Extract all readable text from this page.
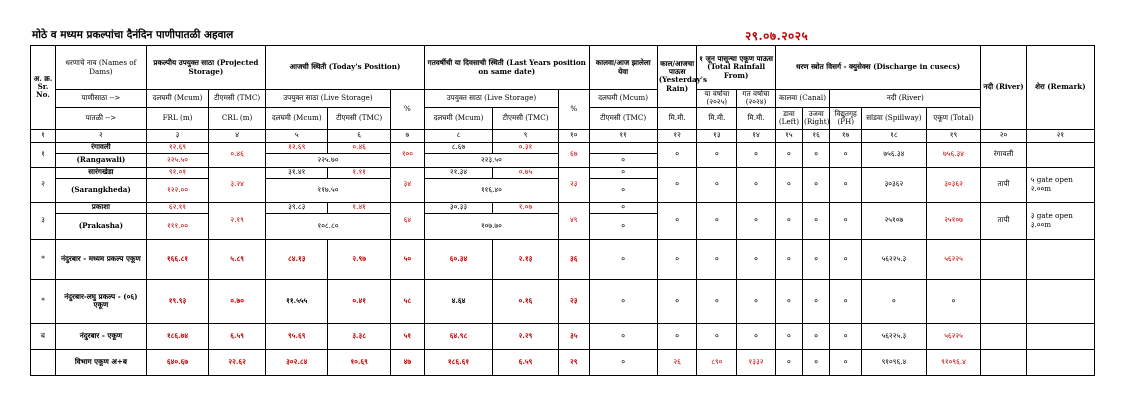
मोठे व मध्यम प्रकल्पांचा दैनंदिन पाणीपातळी अहवाल	२९.०७.२०२५
अ. क्र. Sr. No.	धरणाचे नाव (Names of Dams)	प्रकल्पीय उपयुक्त साठा (Projected Storage)		आजची स्थिती (Today's Position)			गतवर्षीची या दिवसाची स्थिती (Last Years position on same date)			कालवा/आज झालेला येवा	काल/आजचा पाऊस (Yesterday's Rain)	१ जून पासून्चा एकूण पाऊस (Total Rainfall From)		धरण स्त्रोत विसर्ग - क्युसेक्स (Discharge in cusecs)					नदी (River)	शेरा (Remark)
	पाणीसाठा -->	दलघमी (Mcum)	टीएमसी (TMC)	उपयुक्त साठा (Live Storage)		%	उपयुक्त साठा (Live Storage)		%	दलघमी (Mcum)		या वर्षाचा (२०२५)	गत वर्षाचा (२०२४)	कालवा (Canal)		नदी (River)				
	पातळी -->	FRL (m)	CRL (m)	दलघमी (Mcum)	टीएमसी (TMC)		दलघमी (Mcum)	टीएमसी (TMC)		टीएमसी (TMC)	मि.मी.	मि.मी.	मि.मी.	डावा (Left)	उजवा (Right)	विद्युतगृह (PH)	सांडवा (Spillway)	एकूण (Total)		
१	२	३	४	५	६	७	८	९	१०	११	१२	१३	१४	१५	१६	१७	१८	१९	२०	२१
१	रंगावली	१२.६९	०.४६	१२.६९	०.४६	१००	८.६७	०.३१	६७		०	०	०	०	०	०	७५६.३४	७५६.३४	रंगावली	
	(Rangawali)	२२५.५०		२२५.७०			२२३.५०			०										
२	सारंगखेडा	९१.०१	३.२४	३१.४१	१.११	३४	२१.३४	०.७५	२३	०	०	०	०	०	०	०	३०३६२	३०३६२	तापी	५ gate open २.००m
	(Sarangkheda)	१२२.००		११७.५०			११६.४०			०										
३	प्रकाशा	६२.११	२.१९	३९.८३	१.४१	६४	३०.३३	१.०७	४९	०	०	०	०	०	०	०	२५१०७	२५१०७	तापी	३ gate open ३.००m
	(Prakasha)	१११.००		१०८.८०			१०७.७०			०										
*	नंदुरबार - मध्यम प्रकल्प एकूण	१६६.८१	५.८९	८४.१३	२.९७	५०	६०.३४	२.१३	३६	०	०	०	०	०	०	०	५६२२५.३	५६२२५		
*	नंदुरबार-लघु प्रकल्प - (०६) एकूण	१९.९३	०.७०	११.५५५	०.४१	५८	४.६४	०.१६	२३	०	०	०	०	०	०	०	०	०		
ब	नंदुरबार - एकूण	१८६.७४	६.५९	९५.६९	३.३८	५१	६४.९८	२.२९	३५	०	०	०	०	०	०	०	५६२२५.३	५६२२५		
	विभाग एकूण अ+ब	६४०.६७	२२.६२	३०२.८४	१०.६९	४७	१८६.६१	६.५९	२९	०	२६	८९०	१३३२	०	०	०	९१०९६.४	९१०९६.४		
